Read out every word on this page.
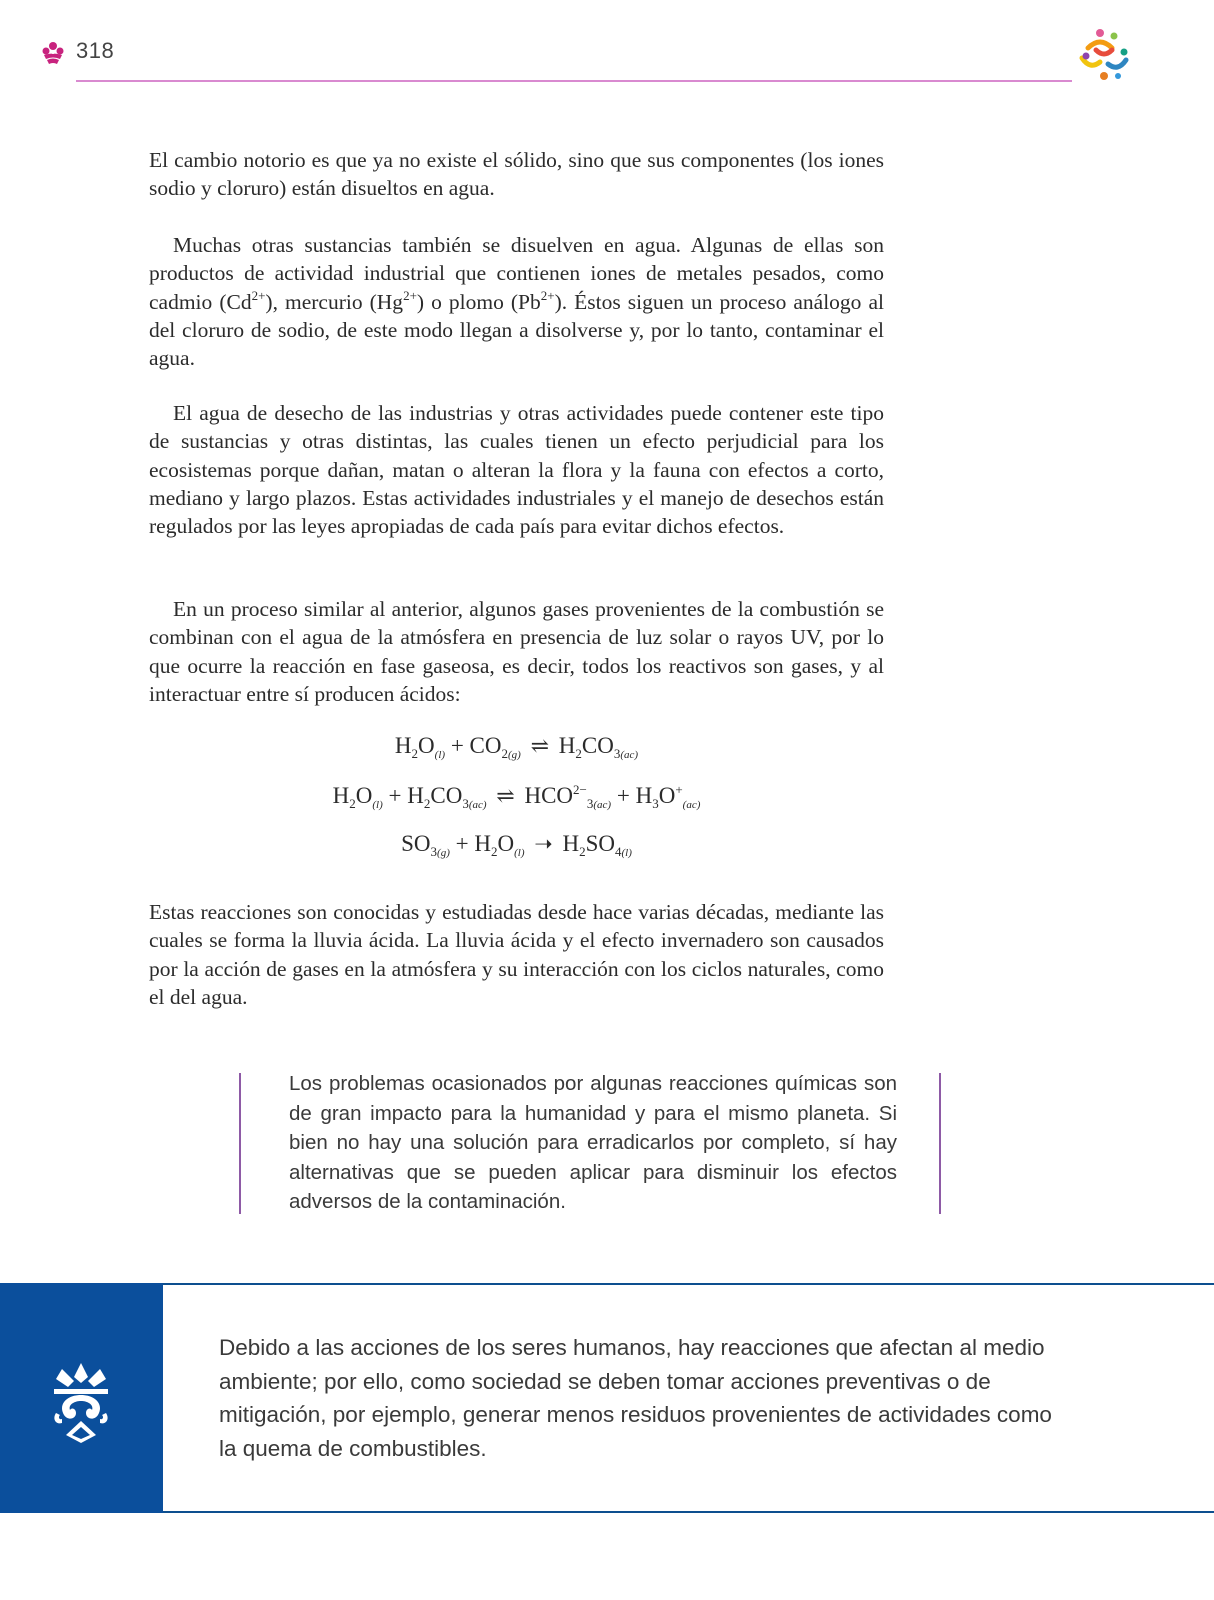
318

El cambio notorio es que ya no existe el sólido, sino que sus componentes (los iones sodio y cloruro) están disueltos en agua.

Muchas otras sustancias también se disuelven en agua. Algunas de ellas son productos de actividad industrial que contienen iones de metales pesados, como cadmio $(Cd^{2+})$, mercurio $(Hg^{2+})$ o plomo $(Pb^{2+})$. Éstos siguen un proceso análogo al del cloruro de sodio, de este modo llegan a disolverse y, por lo tanto, contaminar el agua.

El agua de desecho de las industrias y otras actividades puede contener este tipo de sustancias y otras distintas, las cuales tienen un efecto perjudicial para los ecosistemas porque dañan, matan o alteran la flora y la fauna con efectos a corto, mediano y largo plazos. Estas actividades industriales y el manejo de desechos están regulados por las leyes apropiadas de cada país para evitar dichos efectos.

En un proceso similar al anterior, algunos gases provenientes de la combustión se combinan con el agua de la atmósfera en presencia de luz solar o rayos UV, por lo que ocurre la reacción en fase gaseosa, es decir, todos los reactivos son gases, y al interactuar entre sí producen ácidos:

$H_2O_{(l)} + CO_{2(g)}$ ⇌ $H_2CO_{3(ac)}$
$H_2O_{(l)} + H_2CO_{3(ac)}$ ⇌ $HCO^{2-}_{3(ac)} + H_3O^+_{(ac)}$
$SO_{3(g)} + H_2O_{(l)}$ ➝ $H_2SO_{4(l)}$

Estas reacciones son conocidas y estudiadas desde hace varias décadas, mediante las cuales se forma la lluvia ácida. La lluvia ácida y el efecto invernadero son causados por la acción de gases en la atmósfera y su interacción con los ciclos naturales, como el del agua.

Los problemas ocasionados por algunas reacciones químicas son de gran impacto para la humanidad y para el mismo planeta. Si bien no hay una solución para erradicarlos por completo, sí hay alternativas que se pueden aplicar para disminuir los efectos adversos de la contaminación.
Debido a las acciones de los seres humanos, hay reacciones que afectan al medio ambiente; por ello, como sociedad se deben tomar acciones preventivas o de mitigación, por ejemplo, generar menos residuos provenientes de actividades como la quema de combustibles.
